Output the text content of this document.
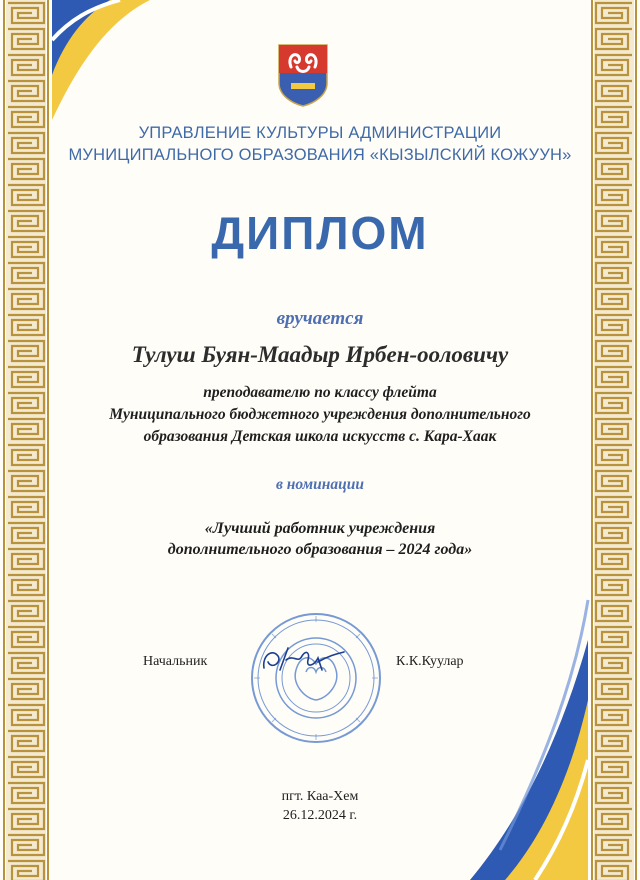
УПРАВЛЕНИЕ КУЛЬТУРЫ АДМИНИСТРАЦИИ
МУНИЦИПАЛЬНОГО ОБРАЗОВАНИЯ «КЫЗЫЛСКИЙ КОЖУУН»
ДИПЛОМ
вручается
Тулуш Буян-Маадыр Ирбен-ооловичу
преподавателю по классу флейта
Муниципального бюджетного учреждения дополнительного
образования Детская школа искусств с. Кара-Хаак
в номинации
«Лучший работник учреждения
дополнительного образования – 2024 года»
Начальник	К.К.Куулар
пгт. Каа-Хем
26.12.2024 г.
